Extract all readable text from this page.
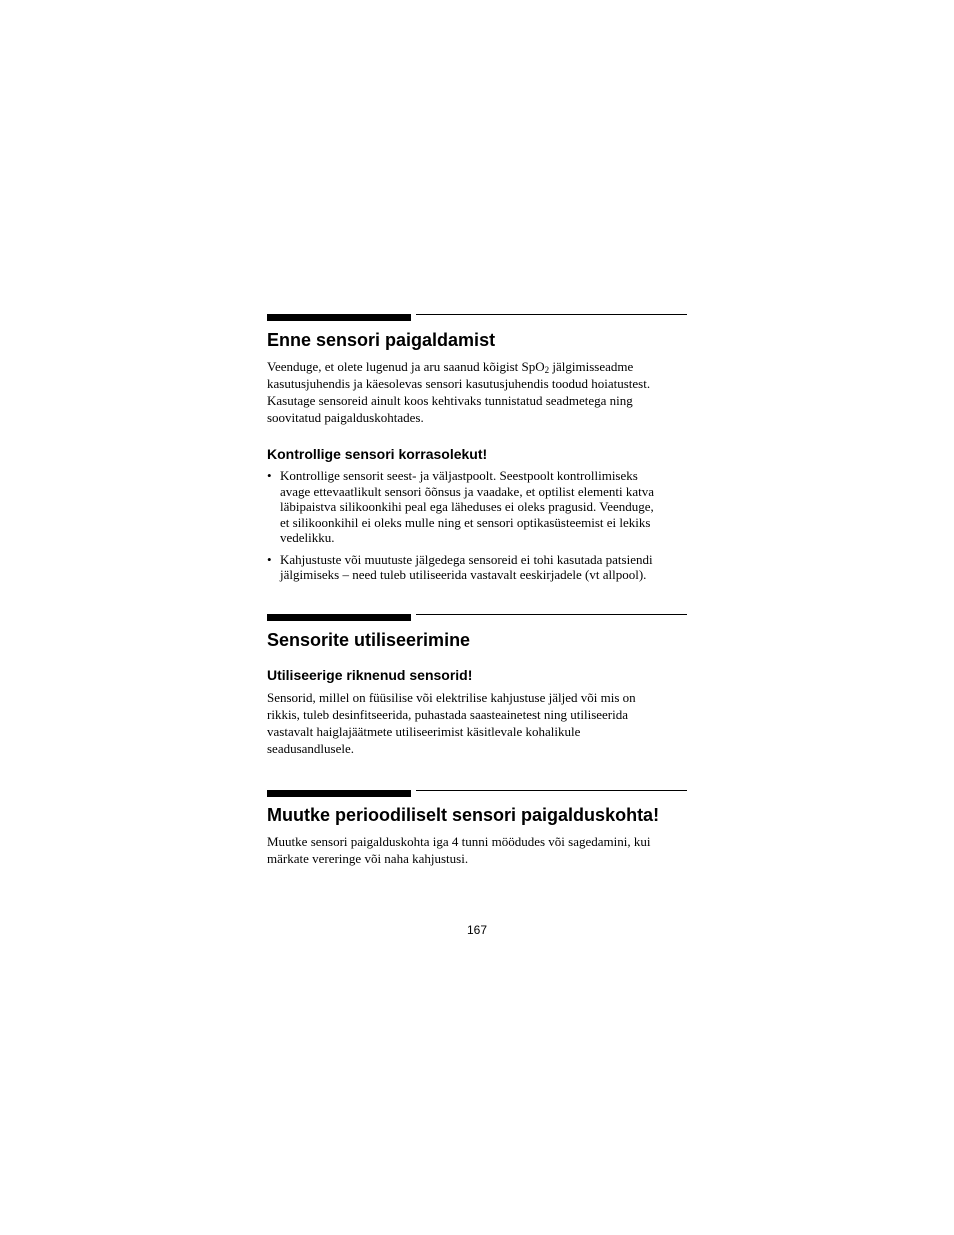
Enne sensori paigaldamist

Veenduge, et olete lugenud ja aru saanud kõigist SpO$_2$ jälgimisseadme
kasutusjuhendis ja käesolevas sensori kasutusjuhendis toodud hoiatustest.
Kasutage sensoreid ainult koos kehtivaks tunnistatud seadmetega ning
soovitatud paigalduskohtades.

Kontrollige sensori korrasolekut!
• Kontrollige sensorit seest- ja väljastpoolt. Seestpoolt kontrollimiseks
avage ettevaatlikult sensori õõnsus ja vaadake, et optilist elementi katva
läbipaistva silikoonkihi peal ega läheduses ei oleks pragusid. Veenduge,
et silikoonkihil ei oleks mulle ning et sensori optikasüsteemist ei lekiks
vedelikku.
• Kahjustuste või muutuste jälgedega sensoreid ei tohi kasutada patsiendi
jälgimiseks – need tuleb utiliseerida vastavalt eeskirjadele (vt allpool).
Sensorite utiliseerimine
Utiliseerige riknenud sensorid!

Sensorid, millel on füüsilise või elektrilise kahjustuse jäljed või mis on
rikkis, tuleb desinfitseerida, puhastada saasteainetest ning utiliseerida
vastavalt haiglajäätmete utiliseerimist käsitlevale kohalikule
seadusandlusele.

Muutke perioodiliselt sensori paigalduskohta!

Muutke sensori paigalduskohta iga 4 tunni möödudes või sagedamini, kui
märkate vereringe või naha kahjustusi.

167
